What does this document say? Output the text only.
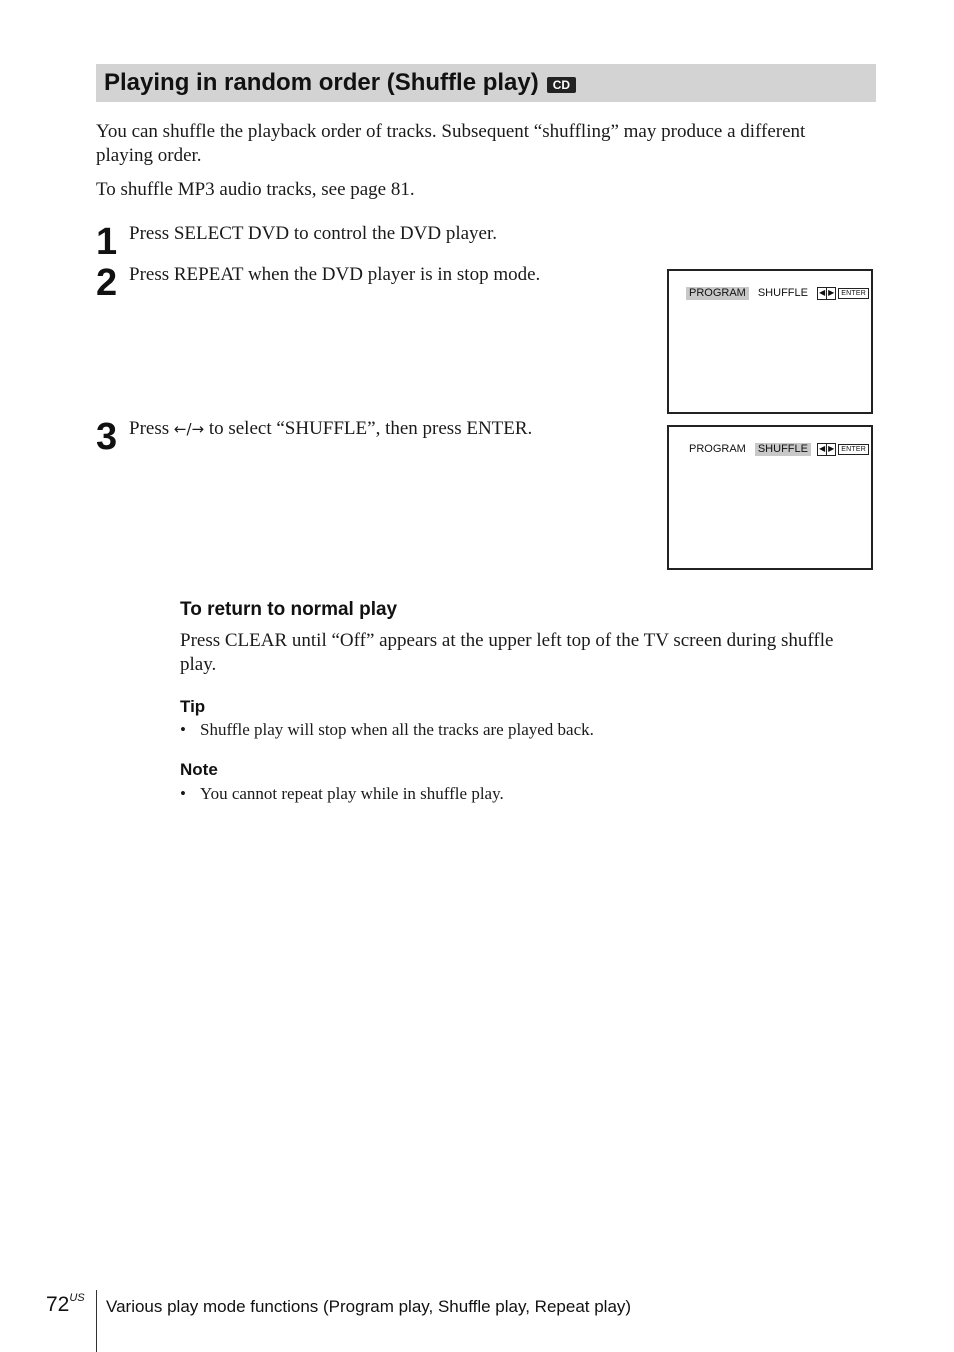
Playing in random order (Shuffle play)	CD
You can shuffle the playback order of tracks. Subsequent “shuffling” may produce a different
playing order.
To shuffle MP3 audio tracks, see page 81.
1 Press SELECT DVD to control the DVD player.
2 Press REPEAT when the DVD player is in stop mode.
3 Press ←/→ to select “SHUFFLE”, then press ENTER.
PROGRAM SHUFFLE	◀ ▶	ENTER
PROGRAM SHUFFLE	◀ ▶	ENTER
To return to normal play
Press CLEAR until “Off” appears at the upper left top of the TV screen during shuffle
play.
Tip
• Shuffle play will stop when all the tracks are played back.
Note
• You cannot repeat play while in shuffle play.
$72^{US}$ Various play mode functions (Program play, Shuffle play, Repeat play)
